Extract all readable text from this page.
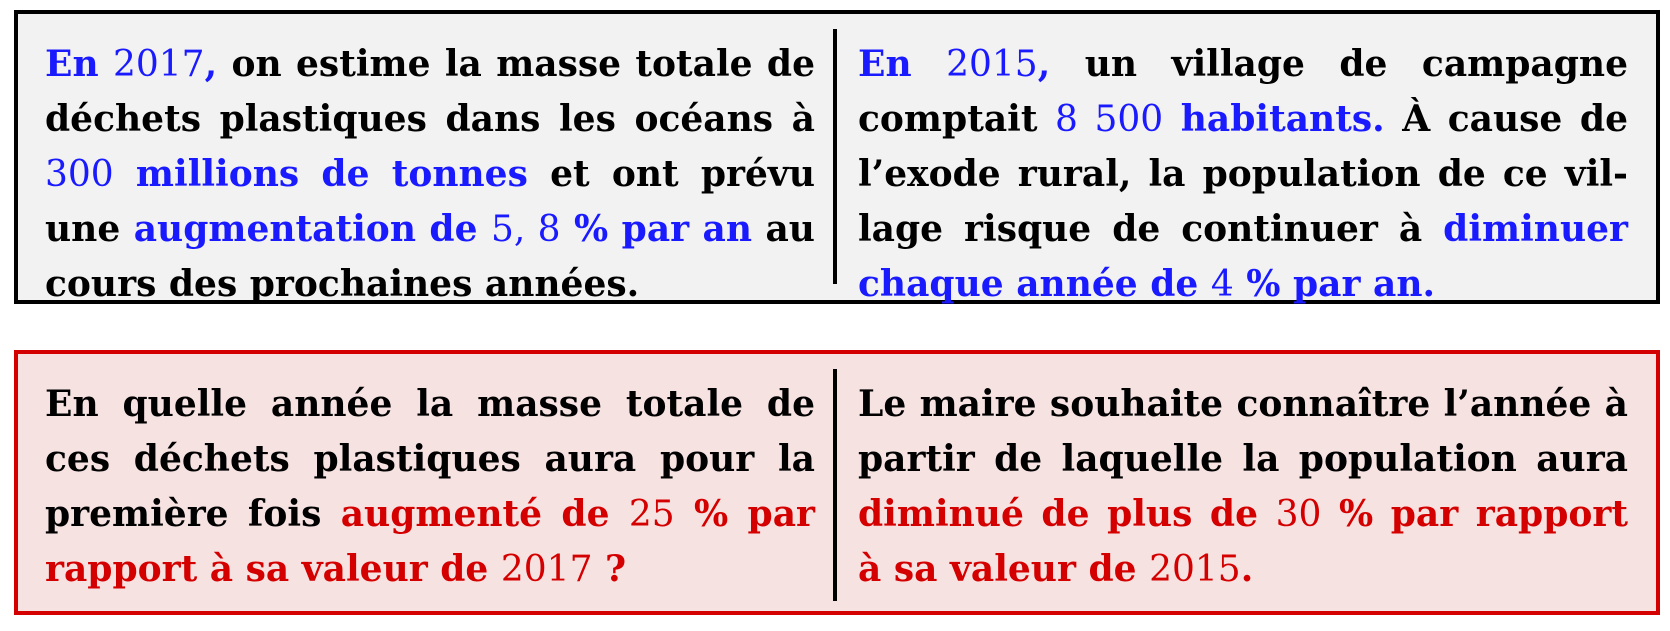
En 2017, on estime la masse totale de
déchets plastiques dans les océans à
300 millions de tonnes et ont prévu
une augmentation de 5, 8 % par an au
cours des prochaines années.
En 2015, un village de campagne
comptait 8 500 habitants. À cause de
l’exode rural, la population de ce vil-
lage risque de continuer à diminuer
chaque année de 4 % par an.
En quelle année la masse totale de
ces déchets plastiques aura pour la
première fois augmenté de 25 % par
rapport à sa valeur de 2017 ?
Le maire souhaite connaître l’année à
partir de laquelle la population aura
diminué de plus de 30 % par rapport
à sa valeur de 2015.
